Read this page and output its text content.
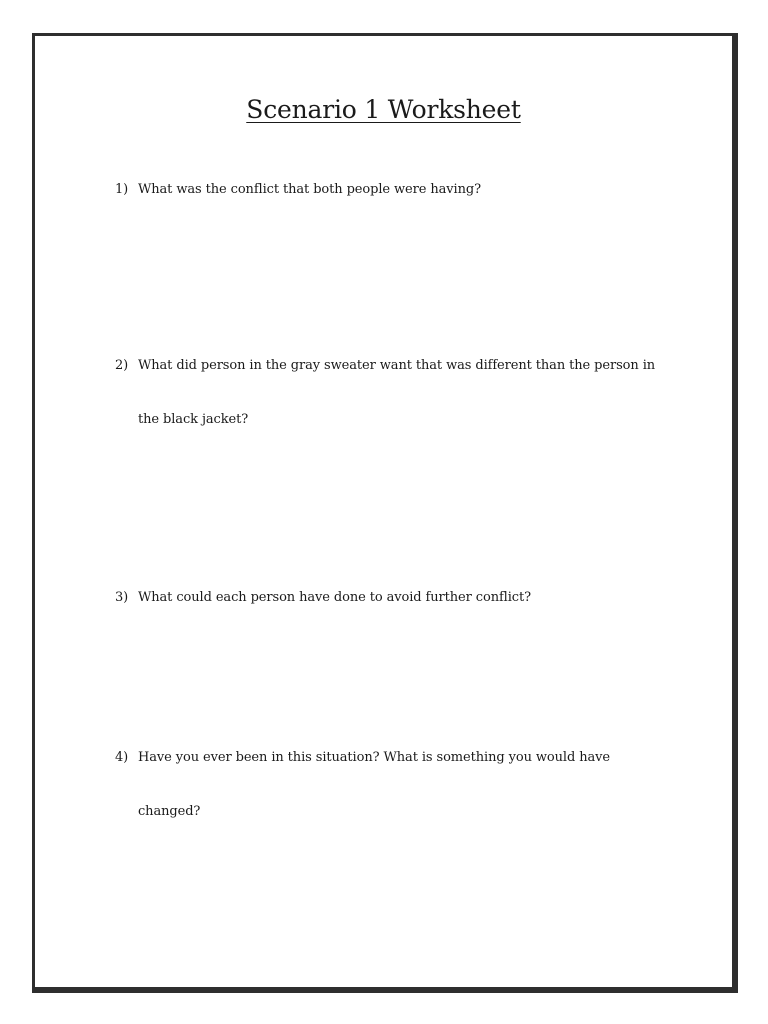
Scenario 1 Worksheet
1) What was the conflict that both people were having?
2) What did person in the gray sweater want that was different than the person in
the black jacket?
3) What could each person have done to avoid further conflict?
4) Have you ever been in this situation? What is something you would have
changed?
